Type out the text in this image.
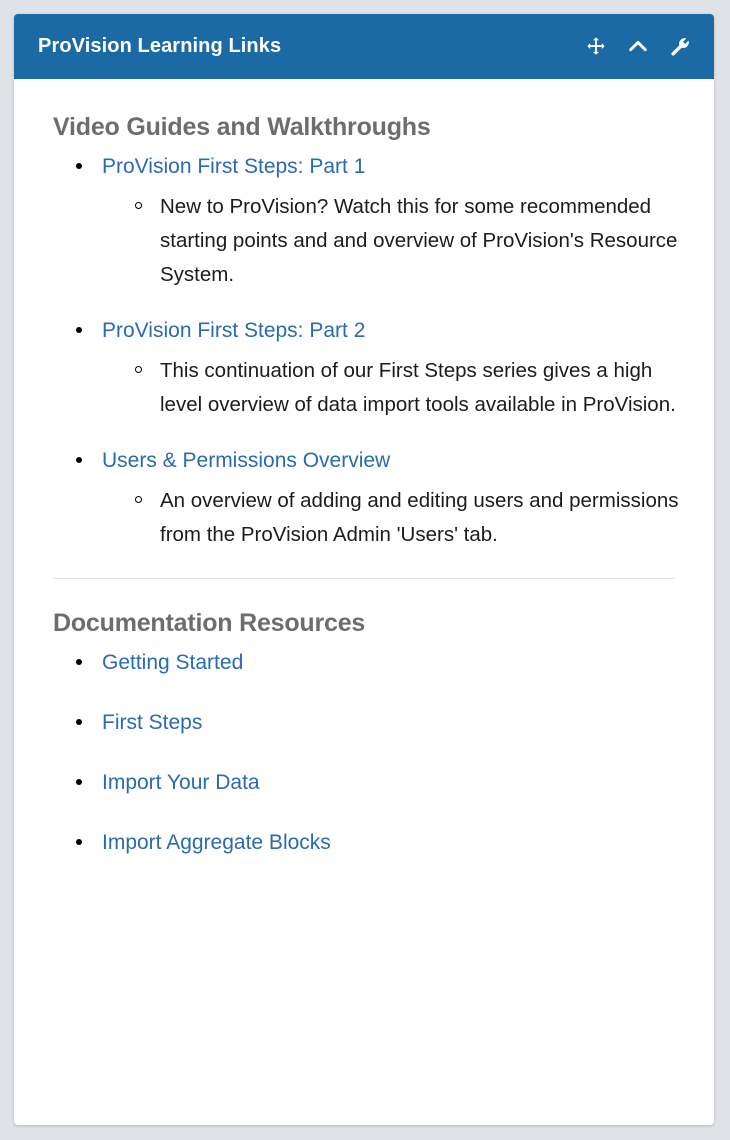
ProVision Learning Links
Video Guides and Walkthroughs
ProVision First Steps: Part 1
New to ProVision? Watch this for some recommended starting points and and overview of ProVision's Resource System.
ProVision First Steps: Part 2
This continuation of our First Steps series gives a high level overview of data import tools available in ProVision.
Users & Permissions Overview
An overview of adding and editing users and permissions from the ProVision Admin 'Users' tab.
Documentation Resources
Getting Started
First Steps
Import Your Data
Import Aggregate Blocks
